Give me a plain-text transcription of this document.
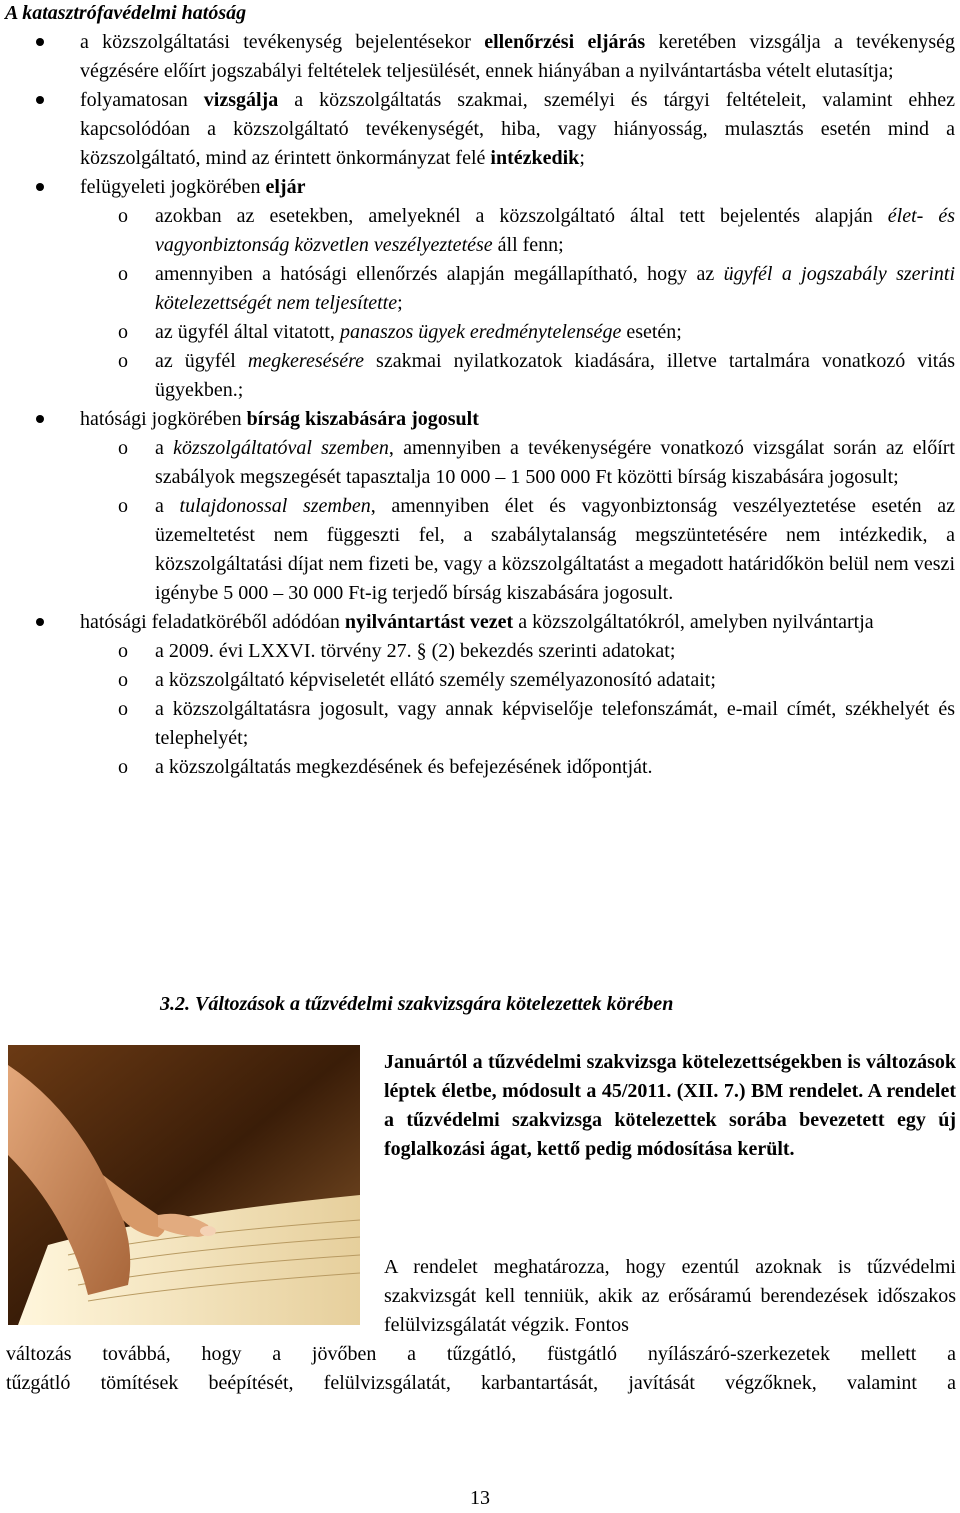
A katasztrófavédelmi hatóság
a közszolgáltatási tevékenység bejelentésekor ellenőrzési eljárás keretében vizsgálja a tevékenység végzésére előírt jogszabályi feltételek teljesülését, ennek hiányában a nyilvántartásba vételt elutasítja;
folyamatosan vizsgálja a közszolgáltatás szakmai, személyi és tárgyi feltételeit, valamint ehhez kapcsolódóan a közszolgáltató tevékenységét, hiba, vagy hiányosság, mulasztás esetén mind a közszolgáltató, mind az érintett önkormányzat felé intézkedik;
felügyeleti jogkörében eljár
o azokban az esetekben, amelyeknél a közszolgáltató által tett bejelentés alapján élet- és vagyonbiztonság közvetlen veszélyeztetése áll fenn;
o amennyiben a hatósági ellenőrzés alapján megállapítható, hogy az ügyfél a jogszabály szerinti kötelezettségét nem teljesítette;
o az ügyfél által vitatott, panaszos ügyek eredménytelensége esetén;
o az ügyfél megkeresésére szakmai nyilatkozatok kiadására, illetve tartalmára vonatkozó vitás ügyekben.;
hatósági jogkörében bírság kiszabására jogosult
o a közszolgáltatóval szemben, amennyiben a tevékenységére vonatkozó vizsgálat során az előírt szabályok megszegését tapasztalja 10 000 – 1 500 000 Ft közötti bírság kiszabására jogosult;
o a tulajdonossal szemben, amennyiben élet és vagyonbiztonság veszélyeztetése esetén az üzemeltetést nem függeszti fel, a szabálytalanság megszüntetésére nem intézkedik, a közszolgáltatási díjat nem fizeti be, vagy a közszolgáltatást a megadott határidőkön belül nem veszi igénybe 5 000 – 30 000 Ft-ig terjedő bírság kiszabására jogosult.
hatósági feladatköréből adódóan nyilvántartást vezet a közszolgáltatókról, amelyben nyilvántartja
o a 2009. évi LXXVI. törvény 27. § (2) bekezdés szerinti adatokat;
o a közszolgáltató képviseletét ellátó személy személyazonosító adatait;
o a közszolgáltatásra jogosult, vagy annak képviselője telefonszámát, e-mail címét, székhelyét és telephelyét;
o a közszolgáltatás megkezdésének és befejezésének időpontját.
3.2. Változások a tűzvédelmi szakvizsgára kötelezettek körében
Januártól a tűzvédelmi szakvizsga kötelezettségekben is változások léptek életbe, módosult a 45/2011. (XII. 7.) BM rendelet. A rendelet a tűzvédelmi szakvizsga kötelezettek sorába bevezetett egy új foglalkozási ágat, kettő pedig módosítása került.
A rendelet meghatározza, hogy ezentúl azoknak is tűzvédelmi szakvizsgát kell tenniük, akik az erősáramú berendezések időszakos felülvizsgálatát végzik. Fontos
változás továbbá, hogy a jövőben a tűzgátló, füstgátló nyílászáró-szerkezetek mellett a
tűzgátló tömítések beépítését, felülvizsgálatát, karbantartását, javítását végzőknek, valamint a
13
